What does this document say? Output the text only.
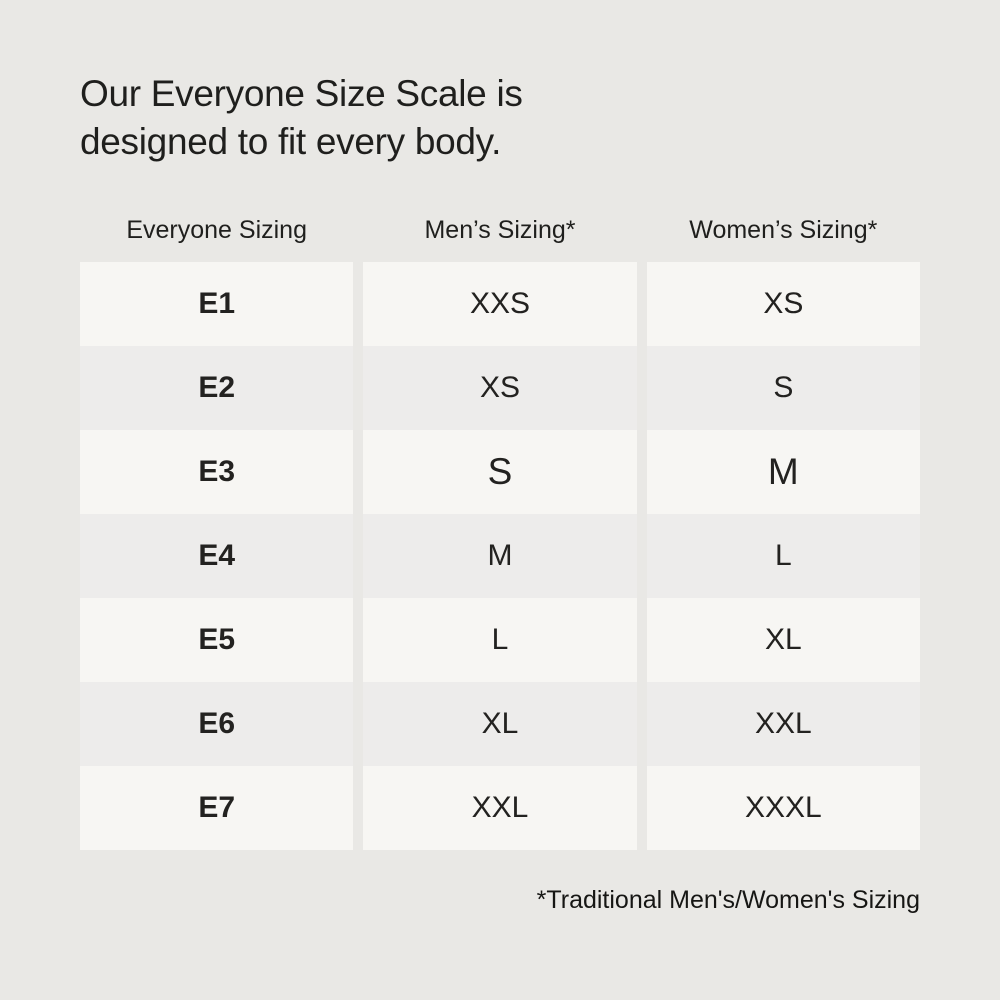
Our Everyone Size Scale is
designed to fit every body.
Everyone Sizing	Men’s Sizing*	Women’s Sizing*
E1	XXS	XS
E2	XS	S
E3	S	M
E4	M	L
E5	L	XL
E6	XL	XXL
E7	XXL	XXXL
*Traditional Men's/Women's Sizing
